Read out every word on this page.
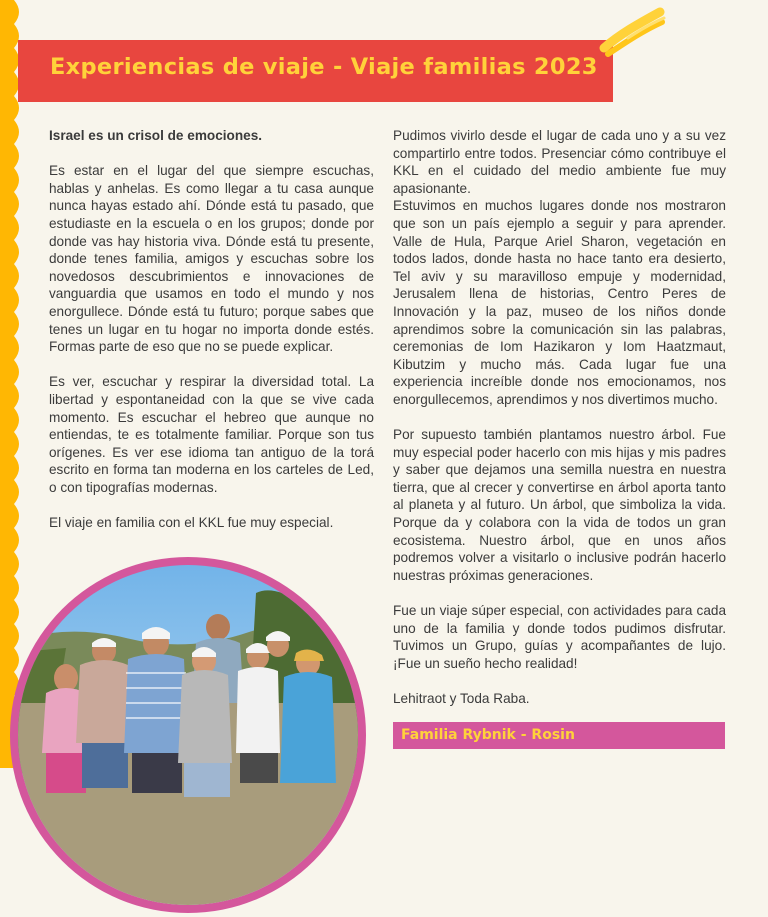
Experiencias de viaje - Viaje familias 2023

Israel es un crisol de emociones.

Es estar en el lugar del que siempre escuchas, hablas y anhelas. Es como llegar a tu casa aunque nunca hayas estado ahí. Dónde está tu pasado, que estudiaste en la escuela o en los grupos; donde por donde vas hay historia viva. Dónde está tu presente, donde tenes familia, amigos y escuchas sobre los novedosos descubrimientos e innovaciones de vanguardia que usamos en todo el mundo y nos enorgullece. Dónde está tu futuro; porque sabes que tenes un lugar en tu hogar no importa donde estés. Formas parte de eso que no se puede explicar.

Es ver, escuchar y respirar la diversidad total. La libertad y espontaneidad con la que se vive cada momento. Es escuchar el hebreo que aunque no entiendas, te es totalmente familiar. Porque son tus orígenes. Es ver ese idioma tan antiguo de la torá escrito en forma tan moderna en los carteles de Led, o con tipografías modernas.

El viaje en familia con el KKL fue muy especial.

Pudimos vivirlo desde el lugar de cada uno y a su vez compartirlo entre todos. Presenciar cómo contribuye el KKL en el cuidado del medio ambiente fue muy apasionante.

Estuvimos en muchos lugares donde nos mostraron que son un país ejemplo a seguir y para aprender. Valle de Hula, Parque Ariel Sharon, vegetación en todos lados, donde hasta no hace tanto era desierto, Tel aviv y su maravilloso empuje y modernidad, Jerusalem llena de historias, Centro Peres de Innovación y la paz, museo de los niños donde aprendimos sobre la comunicación sin las palabras, ceremonias de Iom Hazikaron y Iom Haatzmaut, Kibutzim y mucho más. Cada lugar fue una experiencia increíble donde nos emocionamos, nos enorgullecemos, aprendimos y nos divertimos mucho.

Por supuesto también plantamos nuestro árbol. Fue muy especial poder hacerlo con mis hijas y mis padres y saber que dejamos una semilla nuestra en nuestra tierra, que al crecer y convertirse en árbol aporta tanto al planeta y al futuro. Un árbol, que simboliza la vida. Porque da y colabora con la vida de todos un gran ecosistema. Nuestro árbol, que en unos años podremos volver a visitarlo o inclusive podrán hacerlo nuestras próximas generaciones.

Fue un viaje súper especial, con actividades para cada uno de la familia y donde todos pudimos disfrutar. Tuvimos un Grupo, guías y acompañantes de lujo. ¡Fue un sueño hecho realidad!

Lehitraot y Toda Raba.

Familia Rybnik - Rosin
